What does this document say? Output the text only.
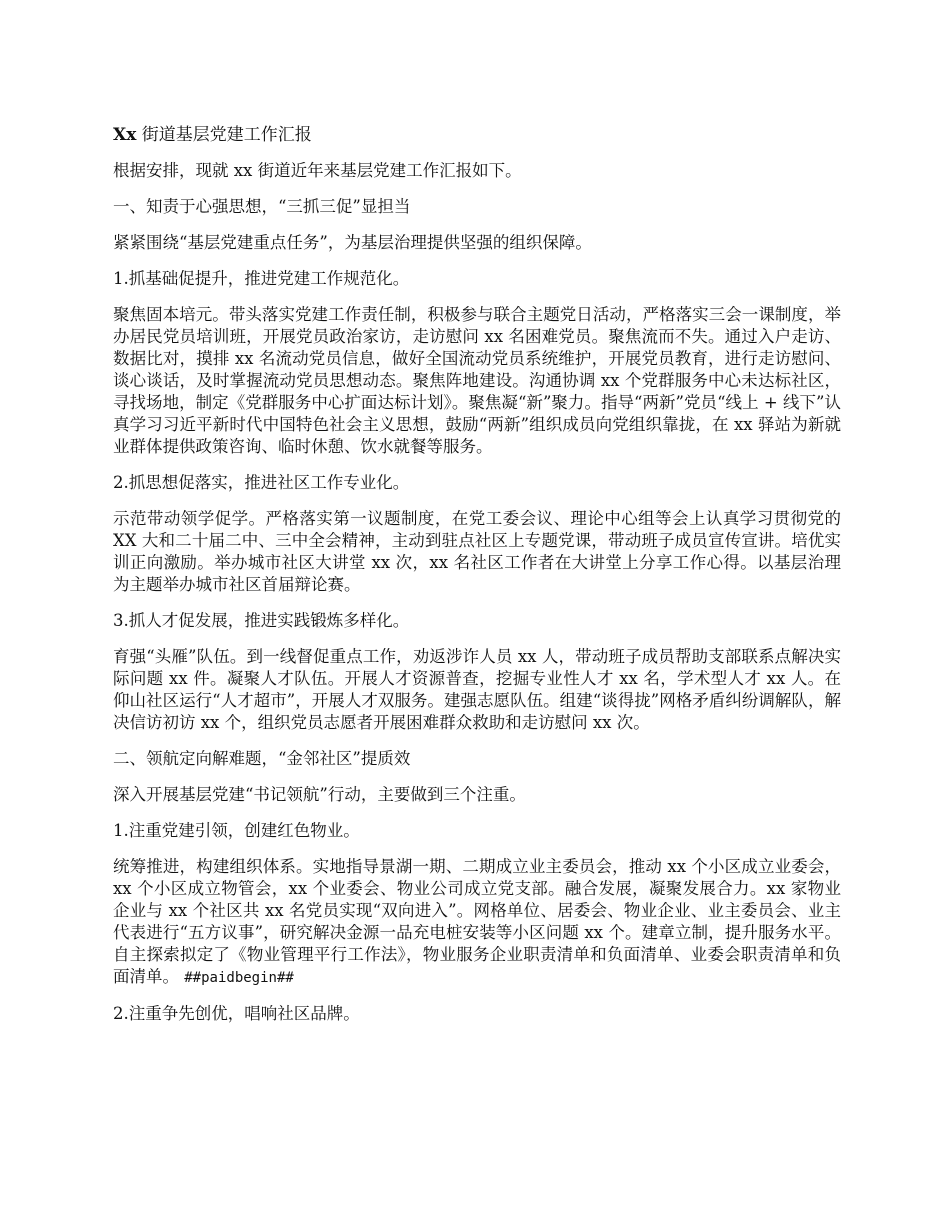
Xx 街道基层党建工作汇报

根据安排，现就 xx 街道近年来基层党建工作汇报如下。

一、知责于心强思想，“三抓三促”显担当

紧紧围绕“基层党建重点任务”，为基层治理提供坚强的组织保障。

1.抓基础促提升，推进党建工作规范化。

聚焦固本培元。带头落实党建工作责任制，积极参与联合主题党日活动，严格落实三会一课制度，举办居民党员培训班，开展党员政治家访，走访慰问 xx 名困难党员。聚焦流而不失。通过入户走访、数据比对，摸排 xx 名流动党员信息，做好全国流动党员系统维护，开展党员教育，进行走访慰问、谈心谈话，及时掌握流动党员思想动态。聚焦阵地建设。沟通协调 xx 个党群服务中心未达标社区，寻找场地，制定《党群服务中心扩面达标计划》。聚焦凝“新”聚力。指导“两新”党员“线上 + 线下”认真学习习近平新时代中国特色社会主义思想，鼓励“两新”组织成员向党组织靠拢，在 xx 驿站为新就业群体提供政策咨询、临时休憩、饮水就餐等服务。

2.抓思想促落实，推进社区工作专业化。

示范带动领学促学。严格落实第一议题制度，在党工委会议、理论中心组等会上认真学习贯彻党的 XX 大和二十届二中、三中全会精神，主动到驻点社区上专题党课，带动班子成员宣传宣讲。培优实训正向激励。举办城市社区大讲堂 xx 次，xx 名社区工作者在大讲堂上分享工作心得。以基层治理为主题举办城市社区首届辩论赛。

3.抓人才促发展，推进实践锻炼多样化。

育强“头雁”队伍。到一线督促重点工作，劝返涉诈人员 xx 人，带动班子成员帮助支部联系点解决实际问题 xx 件。凝聚人才队伍。开展人才资源普查，挖掘专业性人才 xx 名，学术型人才 xx 人。在仰山社区运行“人才超市”，开展人才双服务。建强志愿队伍。组建“谈得拢”网格矛盾纠纷调解队，解决信访初访 xx 个，组织党员志愿者开展困难群众救助和走访慰问 xx 次。

二、领航定向解难题，“金邻社区”提质效

深入开展基层党建“书记领航”行动，主要做到三个注重。

1.注重党建引领，创建红色物业。

统筹推进，构建组织体系。实地指导景湖一期、二期成立业主委员会，推动 xx 个小区成立业委会，xx 个小区成立物管会，xx 个业委会、物业公司成立党支部。融合发展，凝聚发展合力。xx 家物业企业与 xx 个社区共 xx 名党员实现“双向进入”。网格单位、居委会、物业企业、业主委员会、业主代表进行“五方议事”，研究解决金源一品充电桩安装等小区问题 xx 个。建章立制，提升服务水平。自主探索拟定了《物业管理平行工作法》，物业服务企业职责清单和负面清单、业委会职责清单和负面清单。 ##paidbegin##

2.注重争先创优，唱响社区品牌。
